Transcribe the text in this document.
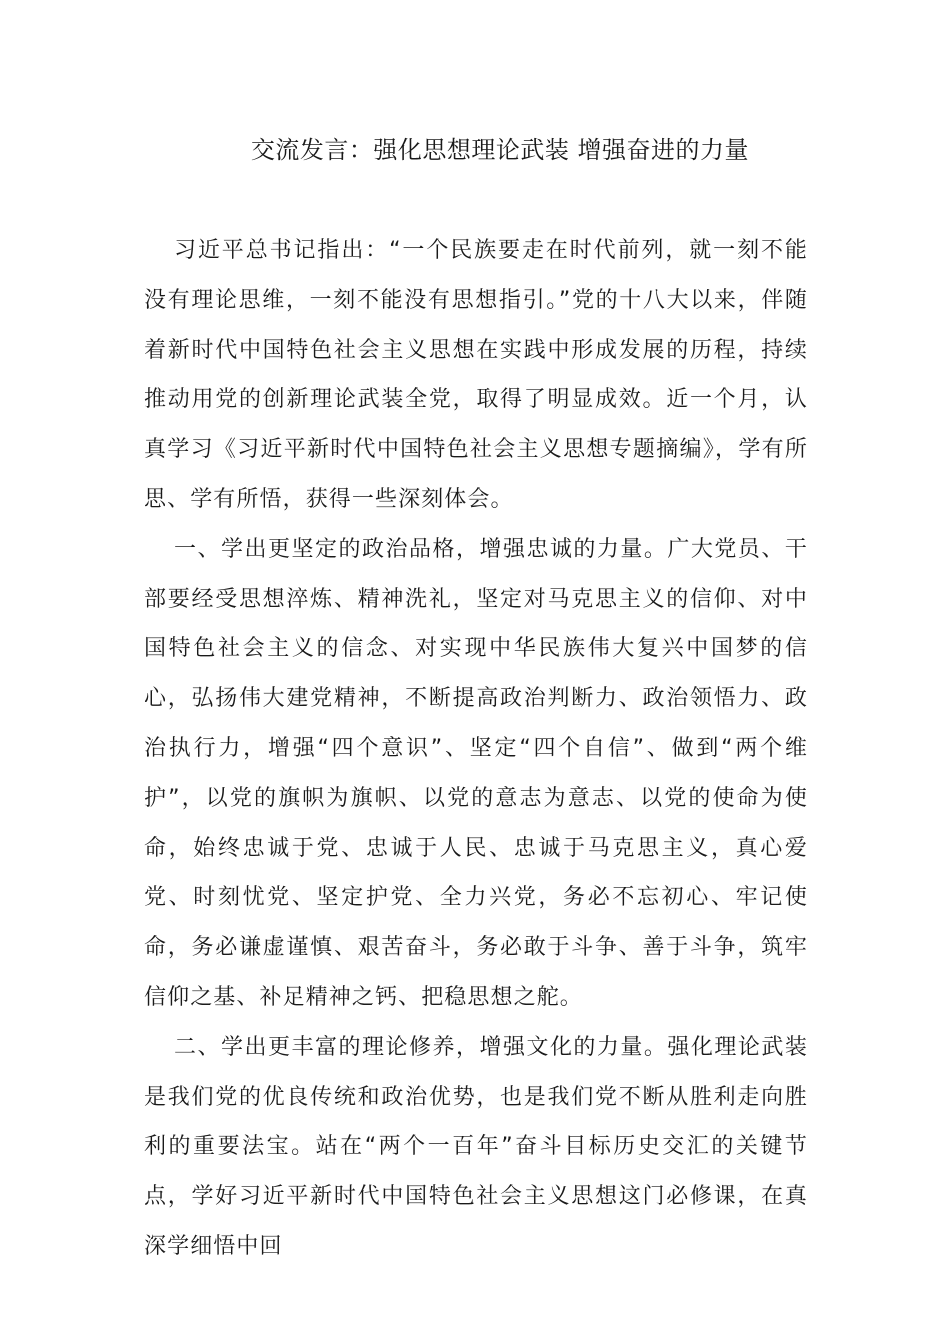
交流发言：强化思想理论武装 增强奋进的力量

习近平总书记指出：“一个民族要走在时代前列，就一刻不能没有理论思维，一刻不能没有思想指引。”党的十八大以来，伴随着新时代中国特色社会主义思想在实践中形成发展的历程，持续推动用党的创新理论武装全党，取得了明显成效。近一个月，认真学习《习近平新时代中国特色社会主义思想专题摘编》，学有所思、学有所悟，获得一些深刻体会。

一、学出更坚定的政治品格，增强忠诚的力量。广大党员、干部要经受思想淬炼、精神洗礼，坚定对马克思主义的信仰、对中国特色社会主义的信念、对实现中华民族伟大复兴中国梦的信心，弘扬伟大建党精神，不断提高政治判断力、政治领悟力、政治执行力，增强“四个意识”、坚定“四个自信”、做到“两个维护”，以党的旗帜为旗帜、以党的意志为意志、以党的使命为使命，始终忠诚于党、忠诚于人民、忠诚于马克思主义，真心爱党、时刻忧党、坚定护党、全力兴党，务必不忘初心、牢记使命，务必谦虚谨慎、艰苦奋斗，务必敢于斗争、善于斗争，筑牢信仰之基、补足精神之钙、把稳思想之舵。

二、学出更丰富的理论修养，增强文化的力量。强化理论武装是我们党的优良传统和政治优势，也是我们党不断从胜利走向胜利的重要法宝。站在“两个一百年”奋斗目标历史交汇的关键节点，学好习近平新时代中国特色社会主义思想这门必修课，在真深学细悟中回
